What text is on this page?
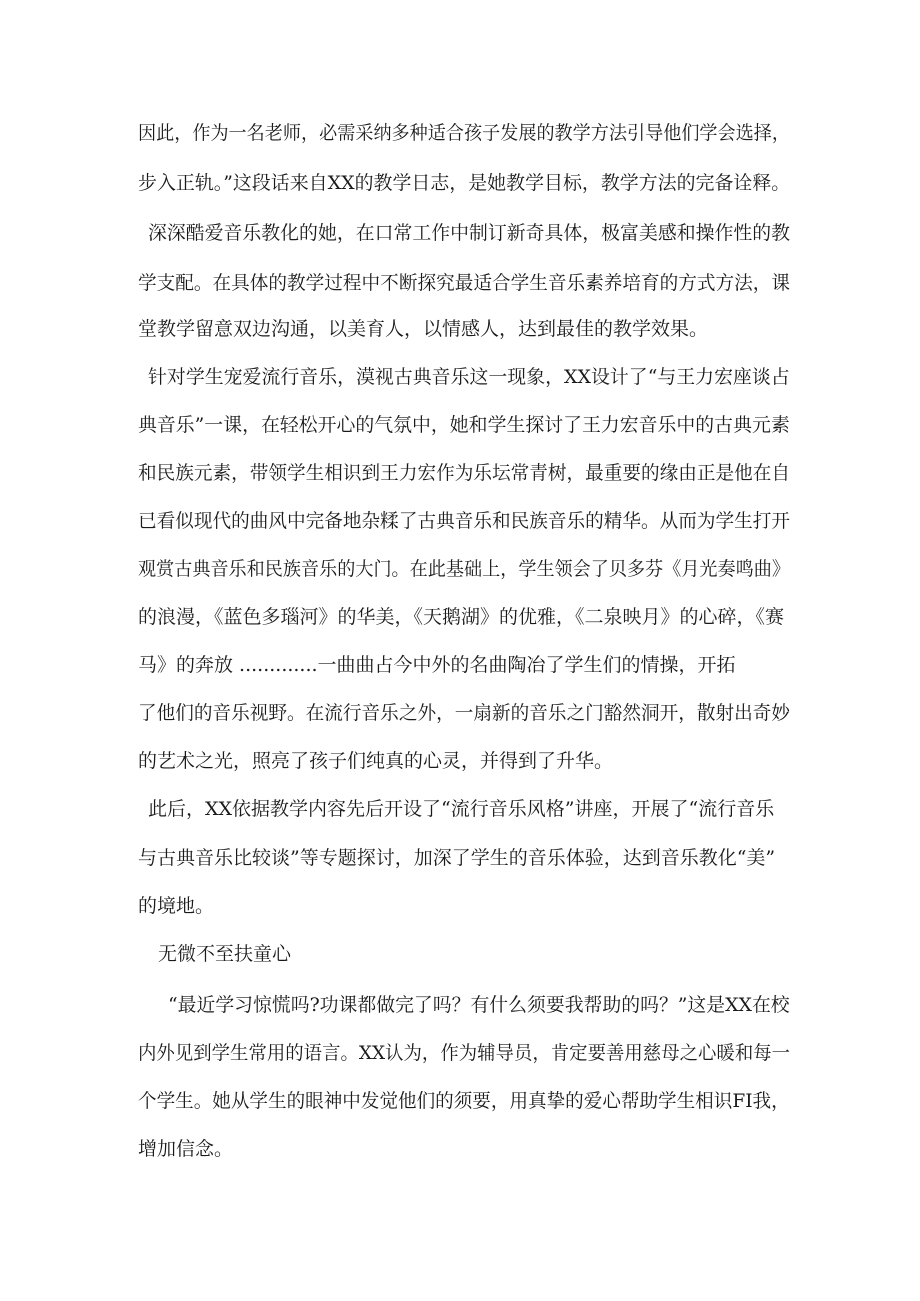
因此，作为一名老师，必需采纳多种适合孩子发展的教学方法引导他们学会选择，
步入正轨。”这段话来自XX的教学日志，是她教学目标，教学方法的完备诠释。
深深酷爱音乐教化的她，在口常工作中制订新奇具体，极富美感和操作性的教
学支配。在具体的教学过程中不断探究最适合学生音乐素养培育的方式方法，课
堂教学留意双边沟通，以美育人，以情感人，达到最佳的教学效果。
针对学生宠爱流行音乐，漠视古典音乐这一现象，XX设计了“与王力宏座谈占
典音乐”一课，在轻松开心的气氛中，她和学生探讨了王力宏音乐中的古典元素
和民族元素，带领学生相识到王力宏作为乐坛常青树，最重要的缘由正是他在自
已看似现代的曲风中完备地杂糅了古典音乐和民族音乐的精华。从而为学生打开
观赏古典音乐和民族音乐的大门。在此基础上，学生领会了贝多芬《月光奏鸣曲》
的浪漫，《蓝色多瑙河》的华美，《天鹅湖》的优雅，《二泉映月》的心碎，《赛
马》的奔放 .............一曲曲占今中外的名曲陶冶了学生们的情操，开拓
了他们的音乐视野。在流行音乐之外，一扇新的音乐之门豁然洞开，散射出奇妙
的艺术之光，照亮了孩子们纯真的心灵，并得到了升华。
此后，XX依据教学内容先后开设了“流行音乐风格”讲座，开展了“流行音乐
与古典音乐比较谈”等专题探讨，加深了学生的音乐体验，达到音乐教化“美”
的境地。
无微不至扶童心
“最近学习惊慌吗?功课都做完了吗？有什么须要我帮助的吗？”这是XX在校
内外见到学生常用的语言。XX认为，作为辅导员，肯定要善用慈母之心暖和每一
个学生。她从学生的眼神中发觉他们的须要，用真挚的爱心帮助学生相识FI我，
增加信念。
